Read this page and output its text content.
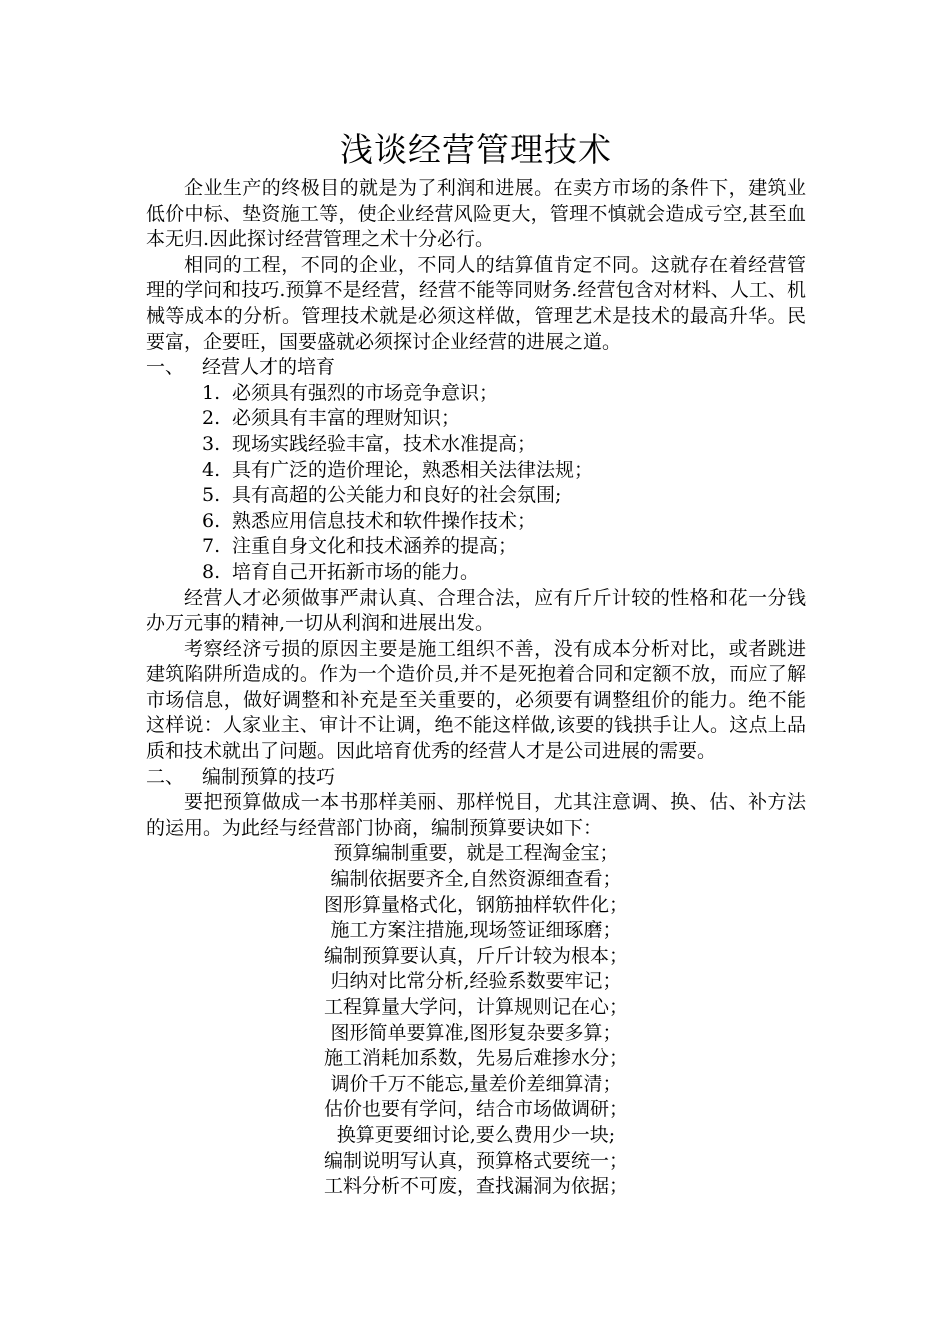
浅谈经营管理技术

企业生产的终极目的就是为了利润和进展。在卖方市场的条件下，建筑业低价中标、垫资施工等，使企业经营风险更大，管理不慎就会造成亏空,甚至血本无归.因此探讨经营管理之术十分必行。

相同的工程，不同的企业，不同人的结算值肯定不同。这就存在着经营管理的学问和技巧.预算不是经营，经营不能等同财务.经营包含对材料、人工、机械等成本的分析。管理技术就是必须这样做，管理艺术是技术的最高升华。民要富，企要旺，国要盛就必须探讨企业经营的进展之道。

一、 经营人才的培育
1. 必须具有强烈的市场竞争意识；
2. 必须具有丰富的理财知识；
3. 现场实践经验丰富，技术水准提高；
4. 具有广泛的造价理论，熟悉相关法律法规；
5. 具有高超的公关能力和良好的社会氛围;
6. 熟悉应用信息技术和软件操作技术；
7. 注重自身文化和技术涵养的提高；
8. 培育自己开拓新市场的能力。

经营人才必须做事严肃认真、合理合法，应有斤斤计较的性格和花一分钱办万元事的精神,一切从利润和进展出发。

考察经济亏损的原因主要是施工组织不善，没有成本分析对比，或者跳进建筑陷阱所造成的。作为一个造价员,并不是死抱着合同和定额不放，而应了解市场信息，做好调整和补充是至关重要的，必须要有调整组价的能力。绝不能这样说：人家业主、审计不让调，绝不能这样做,该要的钱拱手让人。这点上品质和技术就出了问题。因此培育优秀的经营人才是公司进展的需要。

二、 编制预算的技巧

要把预算做成一本书那样美丽、那样悦目，尤其注意调、换、估、补方法的运用。为此经与经营部门协商，编制预算要诀如下：

预算编制重要，就是工程淘金宝；
编制依据要齐全,自然资源细查看；
图形算量格式化，钢筋抽样软件化；
施工方案注措施,现场签证细琢磨；
编制预算要认真，斤斤计较为根本；
归纳对比常分析,经验系数要牢记；
工程算量大学问，计算规则记在心；
图形简单要算准,图形复杂要多算；
施工消耗加系数，先易后难掺水分；
调价千万不能忘,量差价差细算清；
估价也要有学问，结合市场做调研；
换算更要细讨论,要么费用少一块;
编制说明写认真，预算格式要统一；
工料分析不可废，查找漏洞为依据；
